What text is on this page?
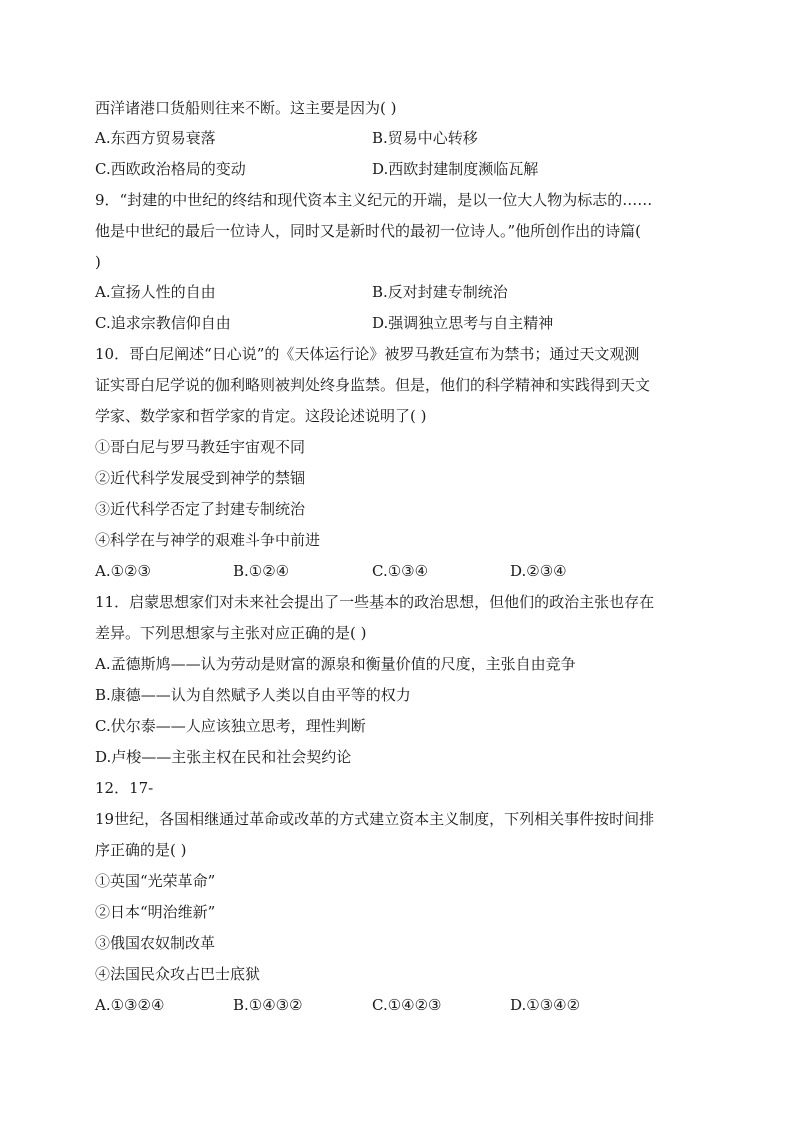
西洋诸港口货船则往来不断。这主要是因为( )
A.东西方贸易衰落	B.贸易中心转移
C.西欧政治格局的变动	D.西欧封建制度濒临瓦解
9．“封建的中世纪的终结和现代资本主义纪元的开端，是以一位大人物为标志的……
他是中世纪的最后一位诗人，同时又是新时代的最初一位诗人。”他所创作出的诗篇(
)
A.宣扬人性的自由	B.反对封建专制统治
C.追求宗教信仰自由	D.强调独立思考与自主精神
10．哥白尼阐述“日心说”的《天体运行论》被罗马教廷宣布为禁书；通过天文观测
证实哥白尼学说的伽利略则被判处终身监禁。但是，他们的科学精神和实践得到天文
学家、数学家和哲学家的肯定。这段论述说明了( )
①哥白尼与罗马教廷宇宙观不同
②近代科学发展受到神学的禁锢
③近代科学否定了封建专制统治
④科学在与神学的艰难斗争中前进
A.①②③	B.①②④	C.①③④	D.②③④
11．启蒙思想家们对未来社会提出了一些基本的政治思想，但他们的政治主张也存在
差异。下列思想家与主张对应正确的是( )
A.孟德斯鸠——认为劳动是财富的源泉和衡量价值的尺度，主张自由竞争
B.康德——认为自然赋予人类以自由平等的权力
C.伏尔泰——人应该独立思考，理性判断
D.卢梭——主张主权在民和社会契约论
12．17-
19世纪，各国相继通过革命或改革的方式建立资本主义制度，下列相关事件按时间排
序正确的是( )
①英国“光荣革命”
②日本“明治维新”
③俄国农奴制改革
④法国民众攻占巴士底狱
A.①③②④	B.①④③②	C.①④②③	D.①③④②
